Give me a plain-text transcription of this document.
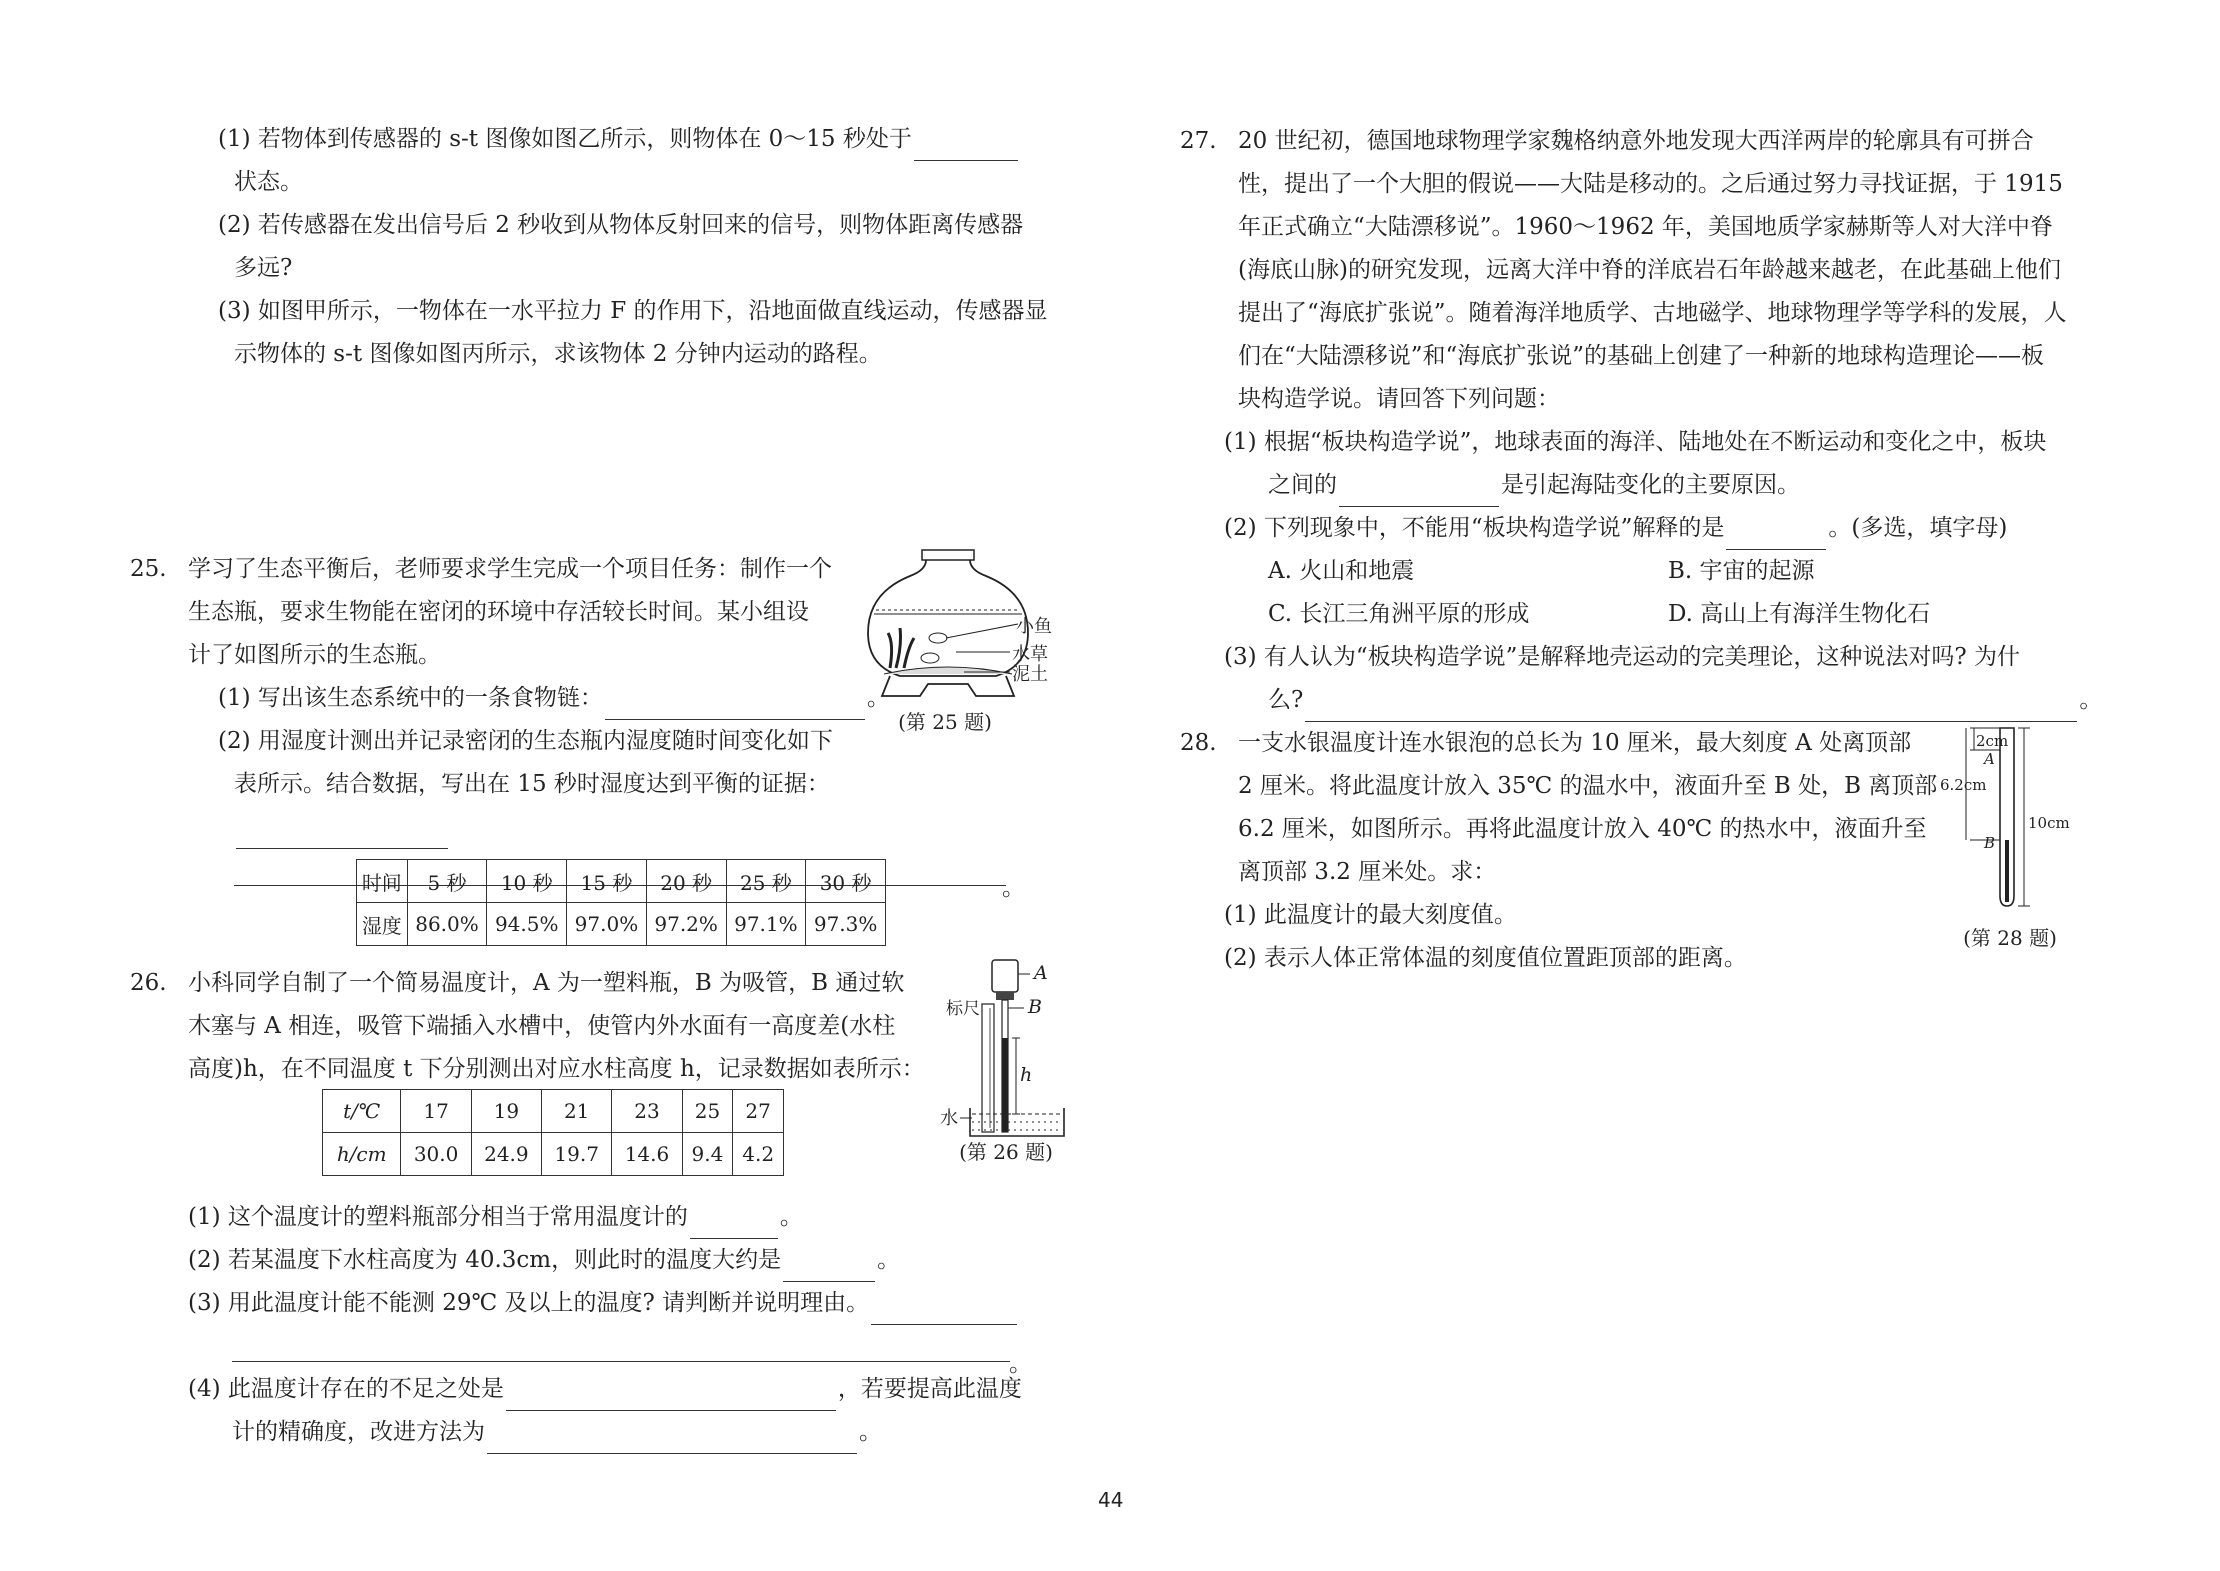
(1) 若物体到传感器的 s-t 图像如图乙所示，则物体在 0～15 秒处于

状态。

(2) 若传感器在发出信号后 2 秒收到从物体反射回来的信号，则物体距离传感器

多远?

(3) 如图甲所示，一物体在一水平拉力 F 的作用下，沿地面做直线运动，传感器显

示物体的 s-t 图像如图丙所示，求该物体 2 分钟内运动的路程。

25. 学习了生态平衡后，老师要求学生完成一个项目任务：制作一个

生态瓶，要求生物能在密闭的环境中存活较长时间。某小组设

计了如图所示的生态瓶。

(1) 写出该生态系统中的一条食物链：	。

(2) 用湿度计测出并记录密闭的生态瓶内湿度随时间变化如下

表所示。结合数据，写出在 15 秒时湿度达到平衡的证据：

。
时间	5 秒	10 秒	15 秒	20 秒	25 秒	30 秒
湿度	86.0%	94.5%	97.0%	97.2%	97.1%	97.3%
小鱼
水草
泥土
(第 25 题)

26. 小科同学自制了一个简易温度计，A 为一塑料瓶，B 为吸管，B 通过软

木塞与 A 相连，吸管下端插入水槽中，使管内外水面有一高度差(水柱

高度)h，在不同温度 t 下分别测出对应水柱高度 h，记录数据如表所示：

t/℃	17	19	21	23	25	27
h/cm	30.0	24.9	19.7	14.6	9.4	4.2
A
B
h
标尺
水
(第 26 题)

(1) 这个温度计的塑料瓶部分相当于常用温度计的	。

(2) 若某温度下水柱高度为 40.3cm，则此时的温度大约是	。

(3) 用此温度计能不能测 29℃ 及以上的温度? 请判断并说明理由。

。

(4) 此温度计存在的不足之处是	，若要提高此温度

计的精确度，改进方法为	。

27. 20 世纪初，德国地球物理学家魏格纳意外地发现大西洋两岸的轮廓具有可拼合

性，提出了一个大胆的假说——大陆是移动的。之后通过努力寻找证据，于 1915

年正式确立“大陆漂移说”。1960～1962 年，美国地质学家赫斯等人对大洋中脊

(海底山脉)的研究发现，远离大洋中脊的洋底岩石年龄越来越老，在此基础上他们

提出了“海底扩张说”。随着海洋地质学、古地磁学、地球物理学等学科的发展，人

们在“大陆漂移说”和“海底扩张说”的基础上创建了一种新的地球构造理论——板

块构造学说。请回答下列问题：

(1) 根据“板块构造学说”，地球表面的海洋、陆地处在不断运动和变化之中，板块

之间的	是引起海陆变化的主要原因。

(2) 下列现象中，不能用“板块构造学说”解释的是	。(多选，填字母)

A. 火山和地震	B. 宇宙的起源

C. 长江三角洲平原的形成	D. 高山上有海洋生物化石

(3) 有人认为“板块构造学说”是解释地壳运动的完美理论，这种说法对吗? 为什

么?	。

28. 一支水银温度计连水银泡的总长为 10 厘米，最大刻度 A 处离顶部

2 厘米。将此温度计放入 35℃ 的温水中，液面升至 B 处，B 离顶部

6.2 厘米，如图所示。再将此温度计放入 40℃ 的热水中，液面升至

离顶部 3.2 厘米处。求：

(1) 此温度计的最大刻度值。

(2) 表示人体正常体温的刻度值位置距顶部的距离。

2cm
A
6.2cm
B
10cm
(第 28 题)
44
